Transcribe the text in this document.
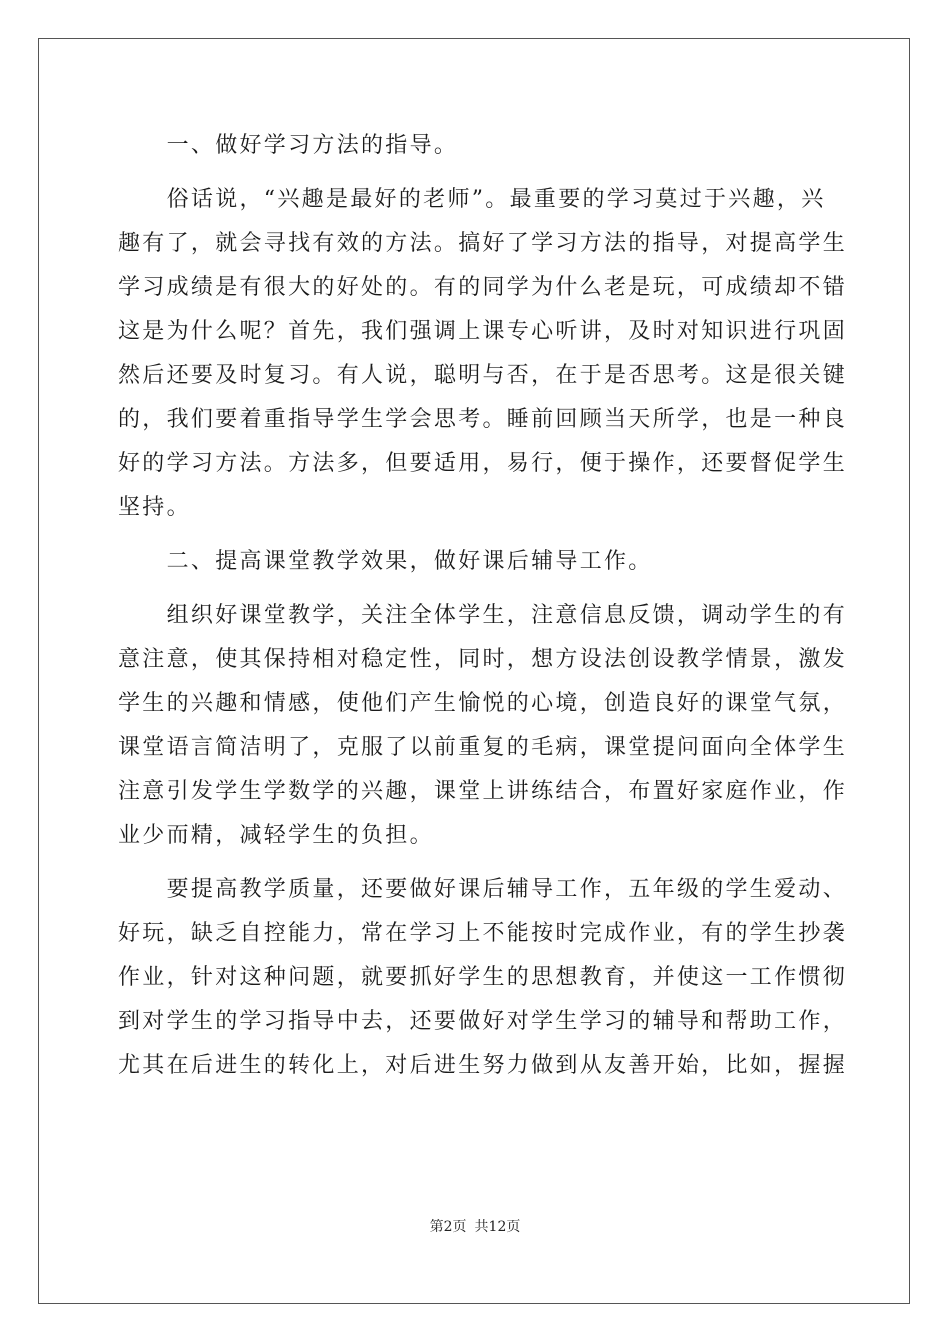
　　一、做好学习方法的指导。
　　俗话说，“兴趣是最好的老师”。最重要的学习莫过于兴趣，兴
趣有了，就会寻找有效的方法。搞好了学习方法的指导，对提高学生
学习成绩是有很大的好处的。有的同学为什么老是玩，可成绩却不错
这是为什么呢？首先，我们强调上课专心听讲，及时对知识进行巩固
然后还要及时复习。有人说，聪明与否，在于是否思考。这是很关键
的，我们要着重指导学生学会思考。睡前回顾当天所学，也是一种良
好的学习方法。方法多，但要适用，易行，便于操作，还要督促学生
坚持。
　　二、提高课堂教学效果，做好课后辅导工作。
　　组织好课堂教学，关注全体学生，注意信息反馈，调动学生的有
意注意，使其保持相对稳定性，同时，想方设法创设教学情景，激发
学生的兴趣和情感，使他们产生愉悦的心境，创造良好的课堂气氛，
课堂语言简洁明了，克服了以前重复的毛病，课堂提问面向全体学生
注意引发学生学数学的兴趣，课堂上讲练结合，布置好家庭作业，作
业少而精，减轻学生的负担。
　　要提高教学质量，还要做好课后辅导工作，五年级的学生爱动、
好玩，缺乏自控能力，常在学习上不能按时完成作业，有的学生抄袭
作业，针对这种问题，就要抓好学生的思想教育，并使这一工作惯彻
到对学生的学习指导中去，还要做好对学生学习的辅导和帮助工作，
尤其在后进生的转化上，对后进生努力做到从友善开始，比如，握握
第2页 共12页
